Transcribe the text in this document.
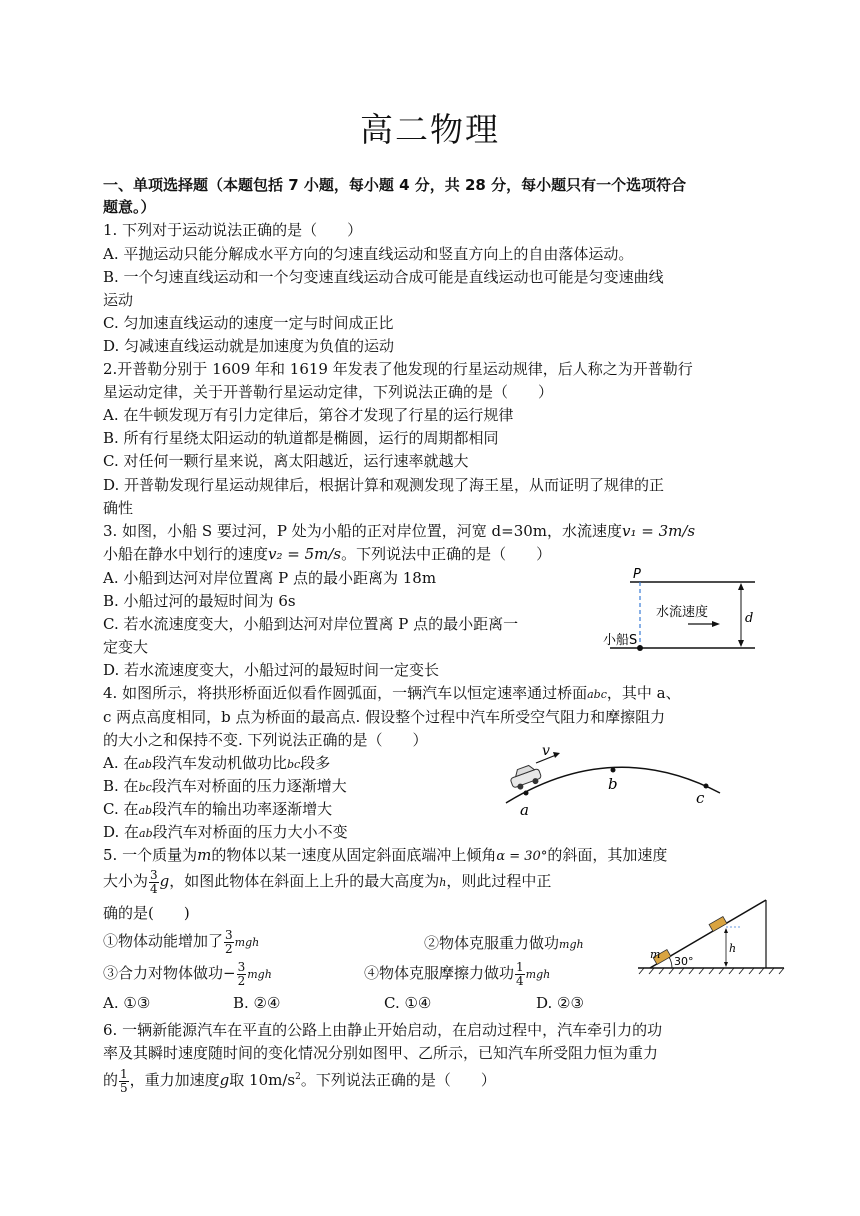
高二物理
一、单项选择题（本题包括 7 小题，每小题 4 分，共 28 分，每小题只有一个选项符合
题意。）
1. 下列对于运动说法正确的是（　　）
A. 平抛运动只能分解成水平方向的匀速直线运动和竖直方向上的自由落体运动。
B. 一个匀速直线运动和一个匀变速直线运动合成可能是直线运动也可能是匀变速曲线
运动
C. 匀加速直线运动的速度一定与时间成正比
D. 匀减速直线运动就是加速度为负值的运动
2.开普勒分别于 1609 年和 1619 年发表了他发现的行星运动规律，后人称之为开普勒行
星运动定律，关于开普勒行星运动定律，下列说法正确的是（　　）
A. 在牛顿发现万有引力定律后，第谷才发现了行星的运行规律
B. 所有行星绕太阳运动的轨道都是椭圆，运行的周期都相同
C. 对任何一颗行星来说，离太阳越近，运行速率就越大
D. 开普勒发现行星运动规律后，根据计算和观测发现了海王星，从而证明了规律的正
确性
3. 如图，小船 S 要过河，P 处为小船的正对岸位置，河宽 d=30m，水流速度v₁ = 3m/s
小船在静水中划行的速度v₂ = 5m/s。下列说法中正确的是（　　）
A. 小船到达河对岸位置离 P 点的最小距离为 18m
B. 小船过河的最短时间为 6s
C. 若水流速度变大，小船到达河对岸位置离 P 点的最小距离一
定变大
D. 若水流速度变大，小船过河的最短时间一定变长
P
水流速度	d
小船S
4. 如图所示，将拱形桥面近似看作圆弧面，一辆汽车以恒定速率通过桥面abc，其中 a、
c 两点高度相同，b 点为桥面的最高点. 假设整个过程中汽车所受空气阻力和摩擦阻力
的大小之和保持不变. 下列说法正确的是（　　）
A. 在ab段汽车发动机做功比bc段多
B. 在bc段汽车对桥面的压力逐渐增大
C. 在ab段汽车的输出功率逐渐增大
D. 在ab段汽车对桥面的压力大小不变
v
a
b
c
5. 一个质量为m的物体以某一速度从固定斜面底端冲上倾角α = 30°的斜面，其加速度
大小为 $\frac{3}{4}$ g，如图此物体在斜面上上升的最大高度为h，则此过程中正
确的是(　　)
①物体动能增加了 $\frac{3}{2}$ mgh	②物体克服重力做功mgh
③合力对物体做功− $\frac{3}{2}$ mgh	④物体克服摩擦力做功 $\frac{1}{4}$ mgh
A. ①③	B. ②④	C. ①④	D. ②③
h
m
30°
6. 一辆新能源汽车在平直的公路上由静止开始启动，在启动过程中，汽车牵引力的功
率及其瞬时速度随时间的变化情况分别如图甲、乙所示，已知汽车所受阻力恒为重力
的 $\frac{1}{5}$ ，重力加速度g取 $10m/s^2$。下列说法正确的是（　　）
